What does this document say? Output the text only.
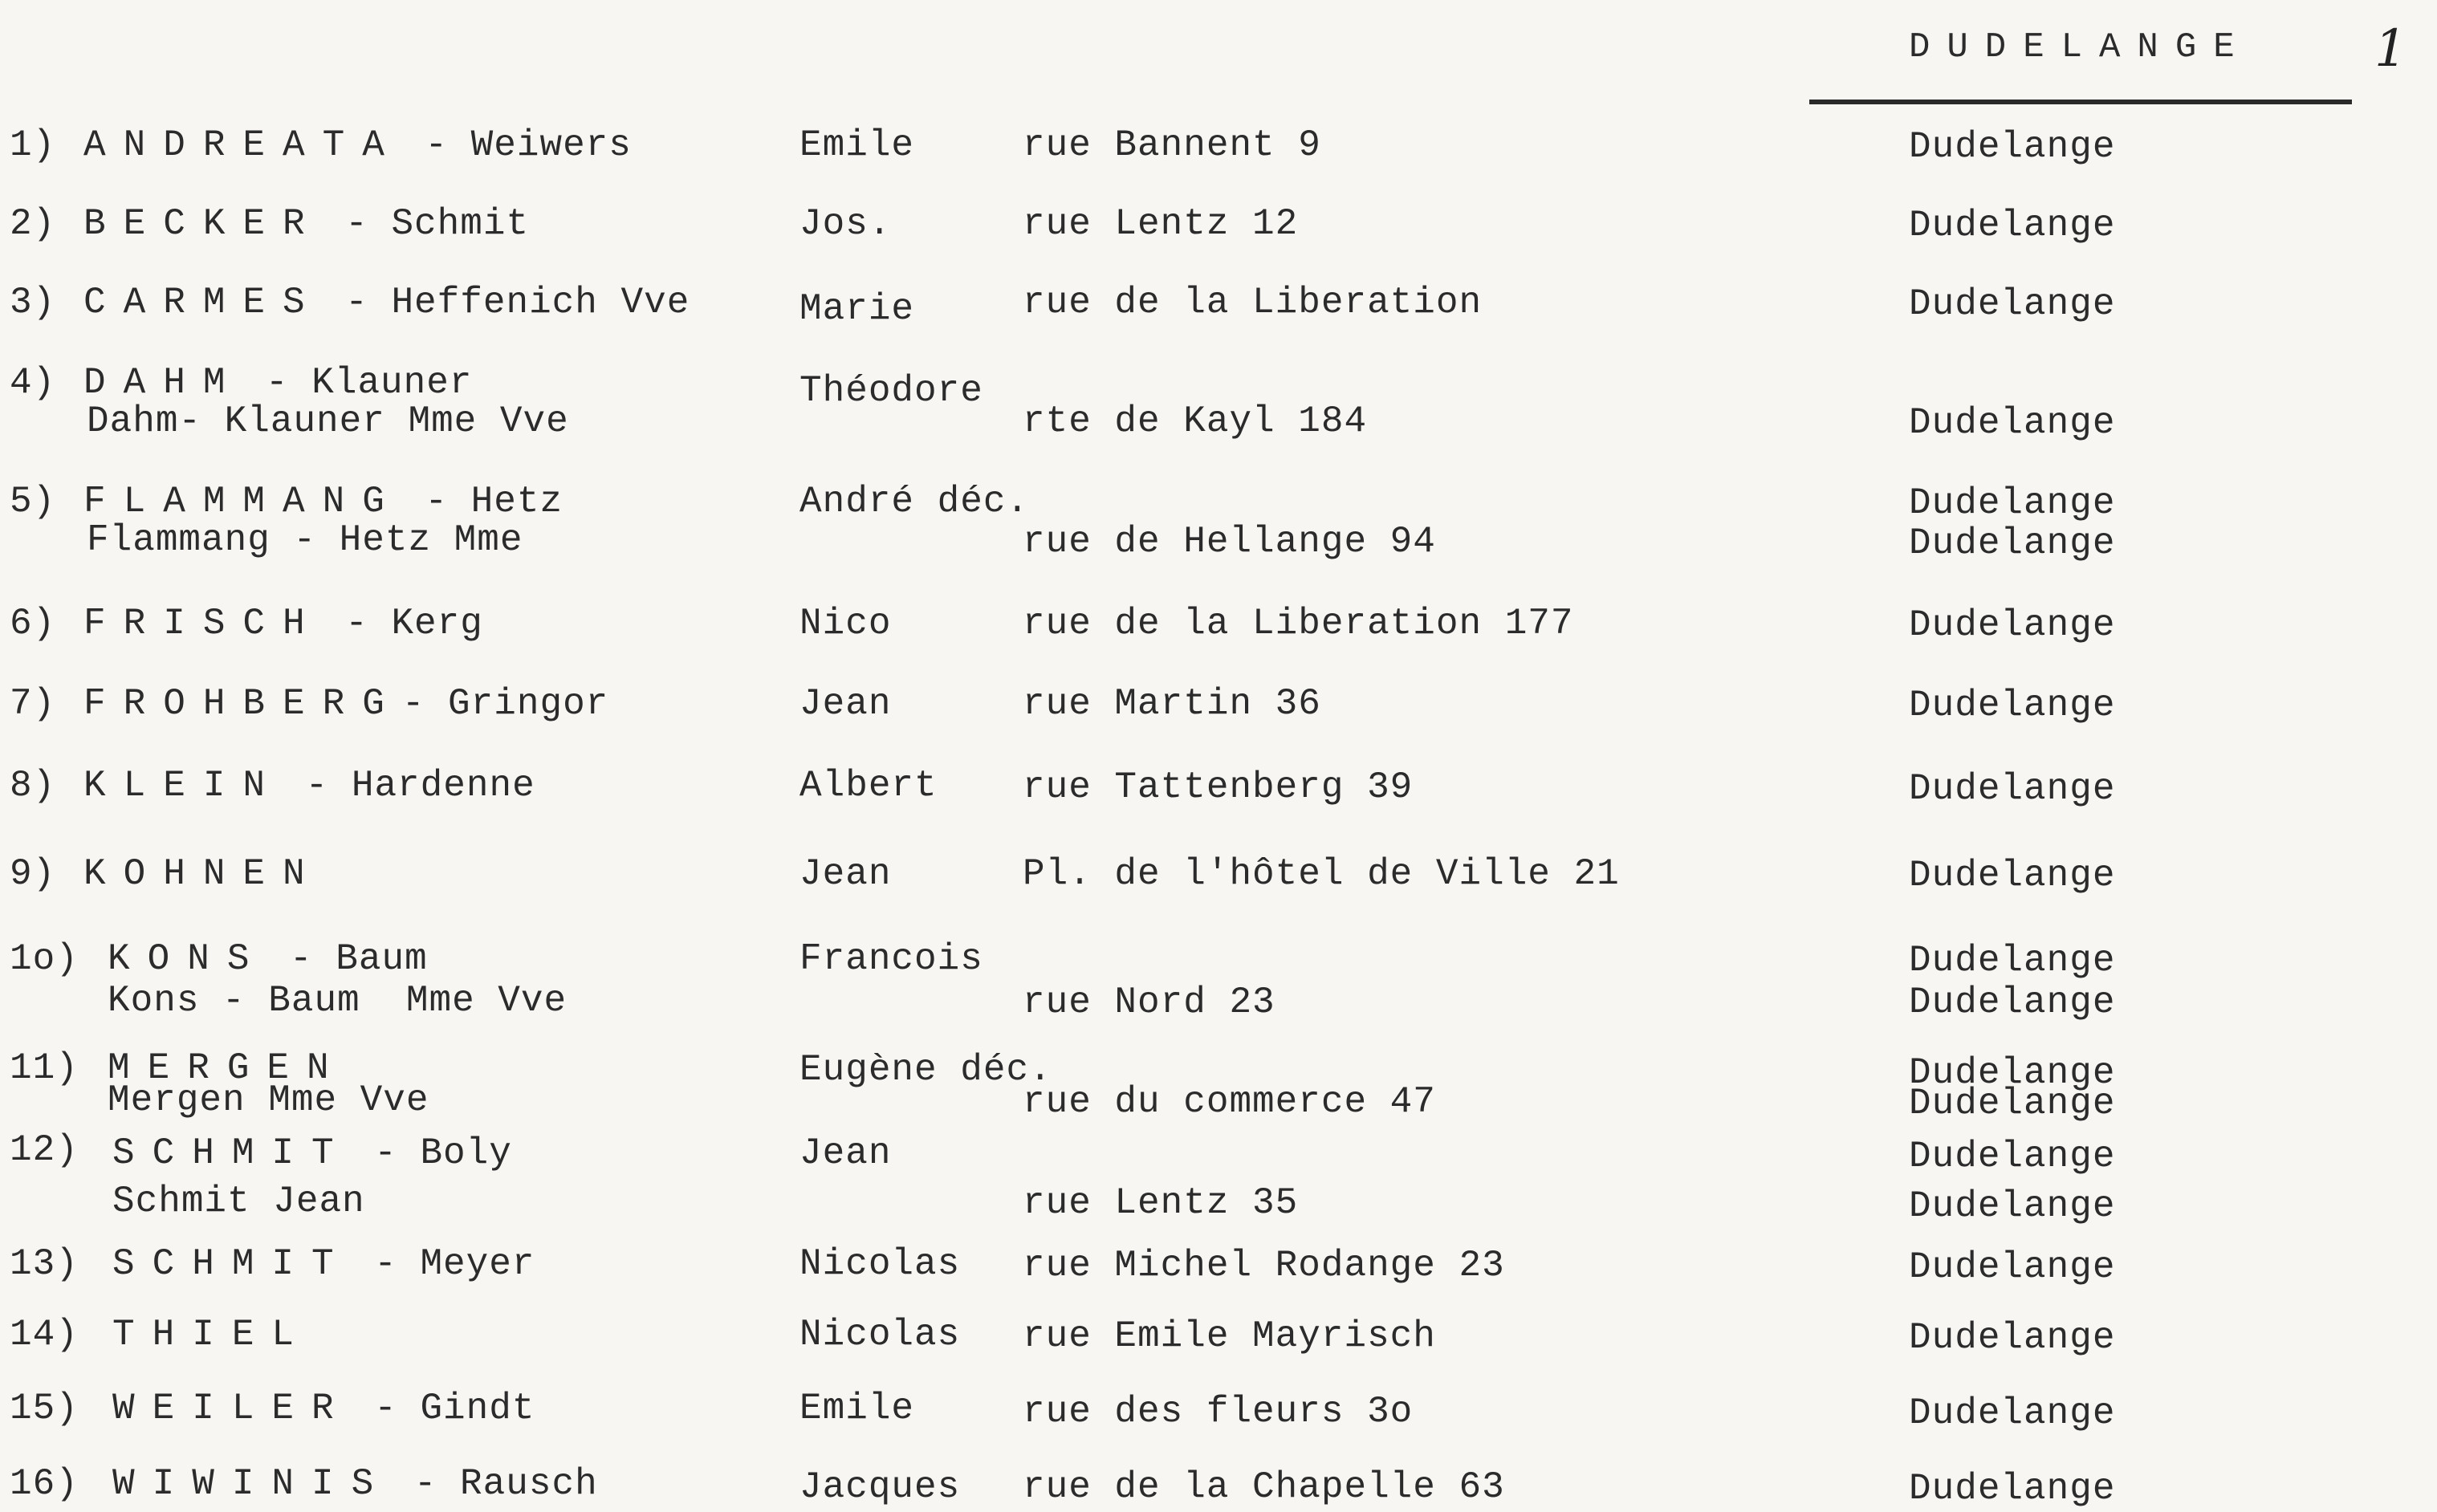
DUDELANGE 1
1) ANDREATA - Weiwers	Emile	rue Bannent 9	Dudelange
2) BECKER - Schmit	Jos.	rue Lentz 12	Dudelange
3) CARMES - Heffenich Vve	Marie	rue de la Liberation	Dudelange
4) DAHM - Klauner	Théodore
Dahm- Klauner Mme Vve	rte de Kayl 184	Dudelange
5) FLAMMANG - Hetz	André déc.	Dudelange
Flammang - Hetz Mme	rue de Hellange 94	Dudelange
6) FRISCH - Kerg	Nico	rue de la Liberation 177	Dudelange
7) FROHBERG- Gringor	Jean	rue Martin 36	Dudelange
8) KLEIN - Hardenne	Albert rue Tattenberg 39	Dudelange
9) KOHNEN	Jean	Pl. de l'hôtel de Ville 21	Dudelange
1o) KONS - Baum	Francois	Dudelange
Kons - Baum  Mme Vve	rue Nord 23	Dudelange
11) MERGEN	Eugène déc.	Dudelange
Mergen Mme Vve	rue du commerce 47	Dudelange
12) SCHMIT - Boly	Jean	Dudelange
Schmit Jean	rue Lentz 35	Dudelange
13) SCHMIT - Meyer	Nicolas rue Michel Rodange 23	Dudelange
14) THIEL	Nicolas rue Emile Mayrisch	Dudelange
15) WEILER - Gindt	Emile	rue des fleurs 3o	Dudelange
16) WIWINIS - Rausch	Jacques rue de la Chapelle 63	Dudelange
